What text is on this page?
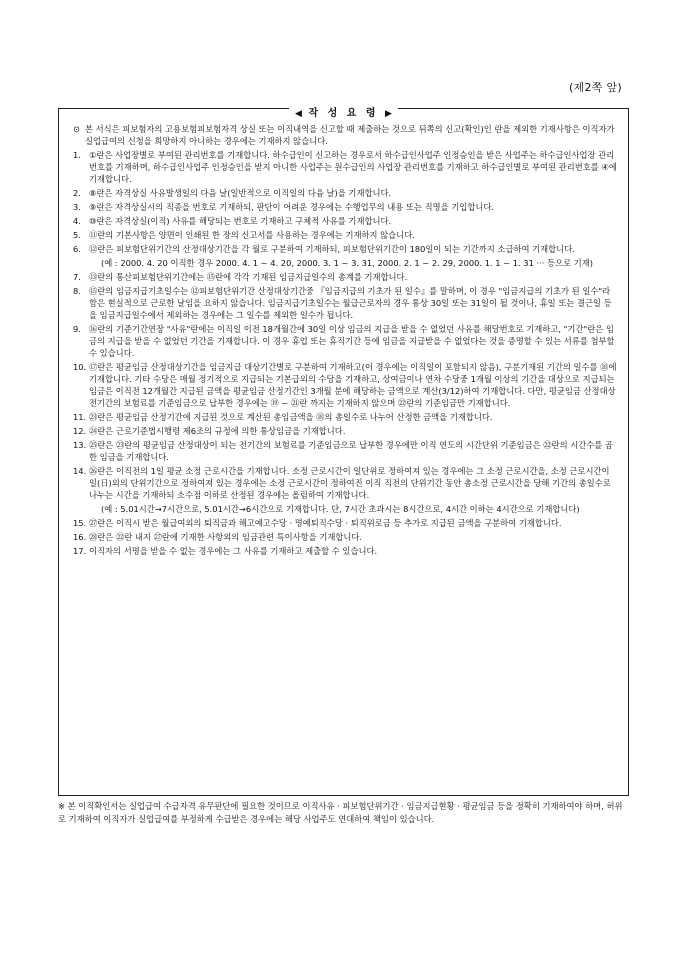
(제2쪽 앞)
◀ 작 성 요 령 ▶
⊙ 본 서식은 피보험자의 고용보험피보험자격 상실 또는 이직내역을 신고할 때 제출하는 것으로 뒤쪽의 신고(확인)인 란을 제외한 기재사항은 이직자가 실업급여의 신청을 희망하지 아니하는 경우에는 기재하지 않습니다.
1. ①란은 사업장별로 부여된 관리번호를 기재합니다. 하수급인이 신고하는 경우로서 하수급인사업주 인정승인을 받은 사업주는 하수급인사업장 관리번호를 기재하며, 하수급인사업주 인정승인을 받지 아니한 사업주는 원수급인의 사업장 관리번호를 기재하고 하수급인별로 부여된 관리번호를 ④에 기재합니다.
2. ⑧란은 자격상실 사유발생일의 다음 날(일반적으로 이직일의 다음 날)을 기재합니다.
3. ⑨란은 자격상실시의 직종을 번호로 기재하되, 판단이 어려운 경우에는 수행업무의 내용 또는 직명을 기입합니다.
4. ⑩란은 자격상실(이직) 사유를 해당되는 번호로 기재하고 구체적 사유를 기재합니다.
5. ⑪란의 기본사항은 양면이 인쇄된 한 장의 신고서를 사용하는 경우에는 기재하지 않습니다.
6. ⑫란은 피보험단위기간의 산정대상기간을 각 월로 구분하여 기재하되, 피보험단위기간이 180일이 되는 기간까지 소급하여 기재합니다.
(예 : 2000. 4. 20 이직한 경우 2000. 4. 1 ~ 4. 20, 2000. 3. 1 ~ 3. 31, 2000. 2. 1 ~ 2. 29, 2000. 1. 1 ~ 1. 31 ··· 등으로 기재)
7. ⑬란의 통산피보험단위기간에는 ⑮란에 각각 기재된 임금지급일수의 총계를 기재합니다.
8. ⑮란의 임금지급기초일수는 ⑫피보험단위기간 산정대상기간중 『임금지급의 기초가 된 일수』를 말하며, 이 경우 "임금지급의 기초가 된 일수"라 함은 현실적으로 근로한 날임을 요하지 않습니다. 임금지급기초일수는 월급근로자의 경우 통상 30일 또는 31일이 될 것이나, 휴일 또는 결근일 등을 임금지급일수에서 제외하는 경우에는 그 일수를 제외한 일수가 됩니다.
9. ⑯란의 기준기간연장 "사유"란에는 이직일 이전 18개월간에 30일 이상 임금의 지급을 받을 수 없었던 사유를 해당번호로 기재하고, "기간"란은 임금의 지급을 받을 수 없었던 기간을 기재합니다. 이 경우 휴업 또는 휴직기간 등에 임금을 지급받을 수 없었다는 것을 증명할 수 있는 서류를 첨부할 수 있습니다.
10. ⑰란은 평균임금 산정대상기간을 임금지급 대상기간별로 구분하여 기재하고(이 경우에는 이직일이 포함되지 않음), 구분기재된 기간의 일수를 ⑱에 기재합니다. 기타 수당은 매월 정기적으로 지급되는 기본급외의 수당을 기재하고, 상여금이나 연차 수당중 1개월 이상의 기간을 대상으로 지급되는 임금은 이직전 12개월간 지급된 금액을 평균임금 산정기간인 3개월 분에 해당하는 금액으로 계산(3/12)하여 기재합니다. 다만, 평균임금 산정대상 전기간의 보험료를 기준임금으로 납부한 경우에는 ⑲ ~ ㉑란 까지는 기재하지 않으며 ㉒란의 기준임금만 기재합니다.
11. ㉓란은 평균임금 산정기간에 지급된 것으로 계산된 총임금액을 ⑱의 총일수로 나누어 산정한 금액을 기재합니다.
12. ㉔란은 근로기준법시행령 제6조의 규정에 의한 통상임금을 기재합니다.
13. ㉕란은 ㉓란의 평균임금 산정대상이 되는 전기간의 보험료를 기준임금으로 납부한 경우에만 이직 연도의 시간단위 기준임금은 ㉒란의 시간수를 곱한 임금을 기재합니다.
14. ㉖란은 이직전의 1일 평균 소정 근로시간을 기재합니다. 소정 근로시간이 일단위로 정하여져 있는 경우에는 그 소정 근로시간을, 소정 근로시간이 일(日)외의 단위기간으로 정하여져 있는 경우에는 소정 근로시간이 정하여진 이직 직전의 단위기간 동안 총소정 근로시간을 당해 기간의 총일수로 나누는 시간을 기재하되 소수점 이하로 산정된 경우에는 올림하여 기재합니다.
(예 : 5.01시간→7시간으로, 5.01시간→6시간으로 기재합니다. 단, 7시간 초과시는 8시간으로, 4시간 이하는 4시간으로 기재합니다)
15. ㉗란은 이직시 받은 월급여외의 퇴직금과 해고예고수당 · 명예퇴직수당 · 퇴직위로금 등 추가로 지급된 금액을 구분하여 기재합니다.
16. ㉘란은 ㉒란 내지 ㉗란에 기재한 사항외의 임금관련 특이사항을 기재합니다.
17. 이직자의 서명을 받을 수 없는 경우에는 그 사유를 기재하고 제출할 수 있습니다.
※ 본 이직확인서는 실업급여 수급자격 유무판단에 필요한 것이므로 이직사유 · 피보험단위기간 · 임금지급현황 · 평균임금 등을 정확히 기재하여야 하며, 허위로 기재하여 이직자가 실업급여를 부정하게 수급받은 경우에는 해당 사업주도 연대하여 책임이 있습니다.
